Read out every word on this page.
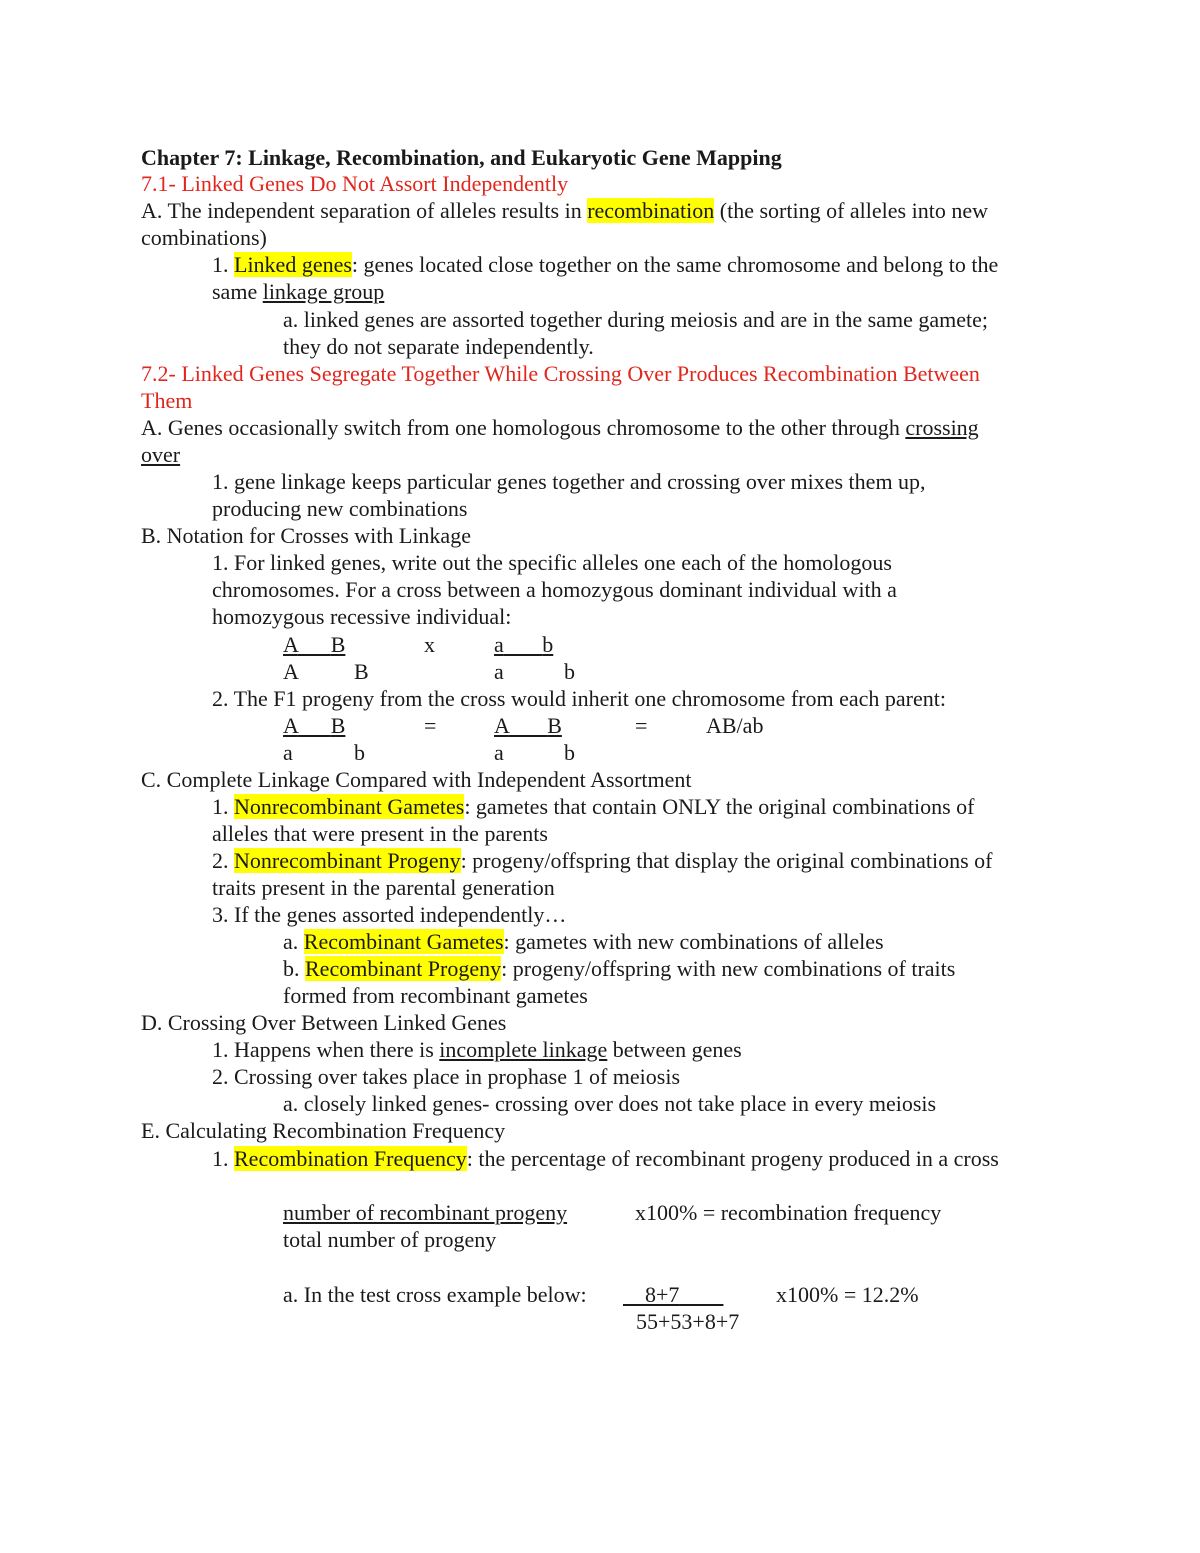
Chapter 7: Linkage, Recombination, and Eukaryotic Gene Mapping
7.1- Linked Genes Do Not Assort Independently
A. The independent separation of alleles results in recombination (the sorting of alleles into new
combinations)
1. Linked genes: genes located close together on the same chromosome and belong to the
same linkage group
a. linked genes are assorted together during meiosis and are in the same gamete;
they do not separate independently.
7.2- Linked Genes Segregate Together While Crossing Over Produces Recombination Between
Them
A. Genes occasionally switch from one homologous chromosome to the other through crossing
over
1. gene linkage keeps particular genes together and crossing over mixes them up,
producing new combinations
B. Notation for Crosses with Linkage
1. For linked genes, write out the specific alleles one each of the homologous
chromosomes. For a cross between a homozygous dominant individual with a
homozygous recessive individual:
A B	x	a b
A	B	a	b
2. The F1 progeny from the cross would inherit one chromosome from each parent:
A B	=	A B	=	AB/ab
a	b	a	b
C. Complete Linkage Compared with Independent Assortment
1. Nonrecombinant Gametes: gametes that contain ONLY the original combinations of
alleles that were present in the parents
2. Nonrecombinant Progeny: progeny/offspring that display the original combinations of
traits present in the parental generation
3. If the genes assorted independently…
a. Recombinant Gametes: gametes with new combinations of alleles
b. Recombinant Progeny: progeny/offspring with new combinations of traits
formed from recombinant gametes
D. Crossing Over Between Linked Genes
1. Happens when there is incomplete linkage between genes
2. Crossing over takes place in prophase 1 of meiosis
a. closely linked genes- crossing over does not take place in every meiosis
E. Calculating Recombination Frequency
1. Recombination Frequency: the percentage of recombinant progeny produced in a cross
number of recombinant progeny	x100% = recombination frequency
total number of progeny
a. In the test cross example below:	8+7	x100% = 12.2%
55+53+8+7
